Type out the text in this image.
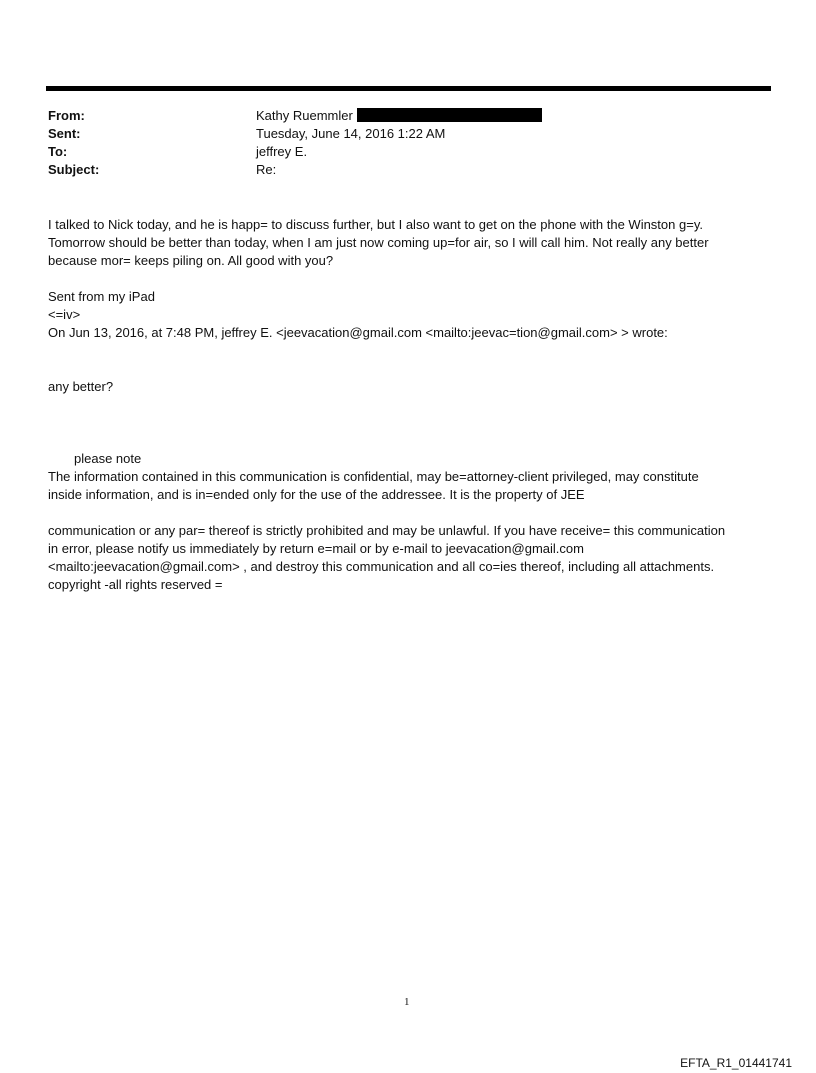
From:	Kathy Ruemmler
Sent:	Tuesday, June 14, 2016 1:22 AM
To:	jeffrey E.
Subject:	Re:
I talked to Nick today, and he is happ= to discuss further, but I also want to get on the phone with the Winston g=y.
Tomorrow should be better than today, when I am just now coming up=for air, so I will call him. Not really any better
because mor= keeps piling on. All good with you?
Sent from my iPad
<=iv>
On Jun 13, 2016, at 7:48 PM, jeffrey E. <jeevacation@gmail.com <mailto:jeevac=tion@gmail.com> > wrote:
any better?
please note
The information contained in this communication is confidential, may be=attorney-client privileged, may constitute
inside information, and is in=ended only for the use of the addressee. It is the property of JEE
communication or any par= thereof is strictly prohibited and may be unlawful. If you have receive= this communication
in error, please notify us immediately by return e=mail or by e-mail to jeevacation@gmail.com
<mailto:jeevacation@gmail.com> , and destroy this communication and all co=ies thereof, including all attachments.
copyright -all rights reserved =
1
EFTA_R1_01441741
